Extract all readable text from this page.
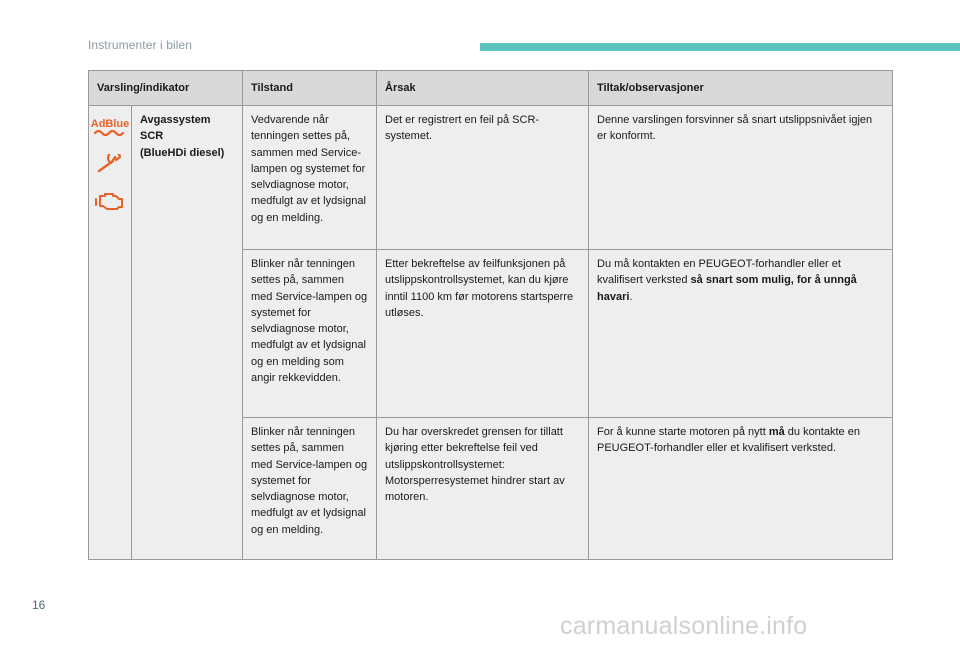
Instrumenter i bilen
Varsling/indikator		Tilstand	Årsak	Tiltak/observasjoner

AdBlue	Avgassystem
SCR
(BlueHDi diesel)	Vedvarende når tenningen settes på, sammen med Service-lampen og systemet for selvdiagnose motor, medfulgt av et lydsignal og en melding.	Det er registrert en feil på SCR-systemet.	Denne varslingen forsvinner så snart utslippsnivået igjen er konformt.
		Blinker når tenningen settes på, sammen med Service-lampen og systemet for selvdiagnose motor, medfulgt av et lydsignal og en melding som angir rekkevidden.	Etter bekreftelse av feilfunksjonen på utslippskontrollsystemet, kan du kjøre inntil 1100 km før motorens startsperre utløses.	Du må kontakten en PEUGEOT-forhandler eller et kvalifisert verksted så snart som mulig, for å unngå havari.
		Blinker når tenningen settes på, sammen med Service-lampen og systemet for selvdiagnose motor, medfulgt av et lydsignal og en melding.	Du har overskredet grensen for tillatt kjøring etter bekreftelse feil ved utslippskontrollsystemet: Motorsperresystemet hindrer start av motoren.	For å kunne starte motoren på nytt må du kontakte en PEUGEOT-forhandler eller et kvalifisert verksted.
16
carmanualsonline.info
